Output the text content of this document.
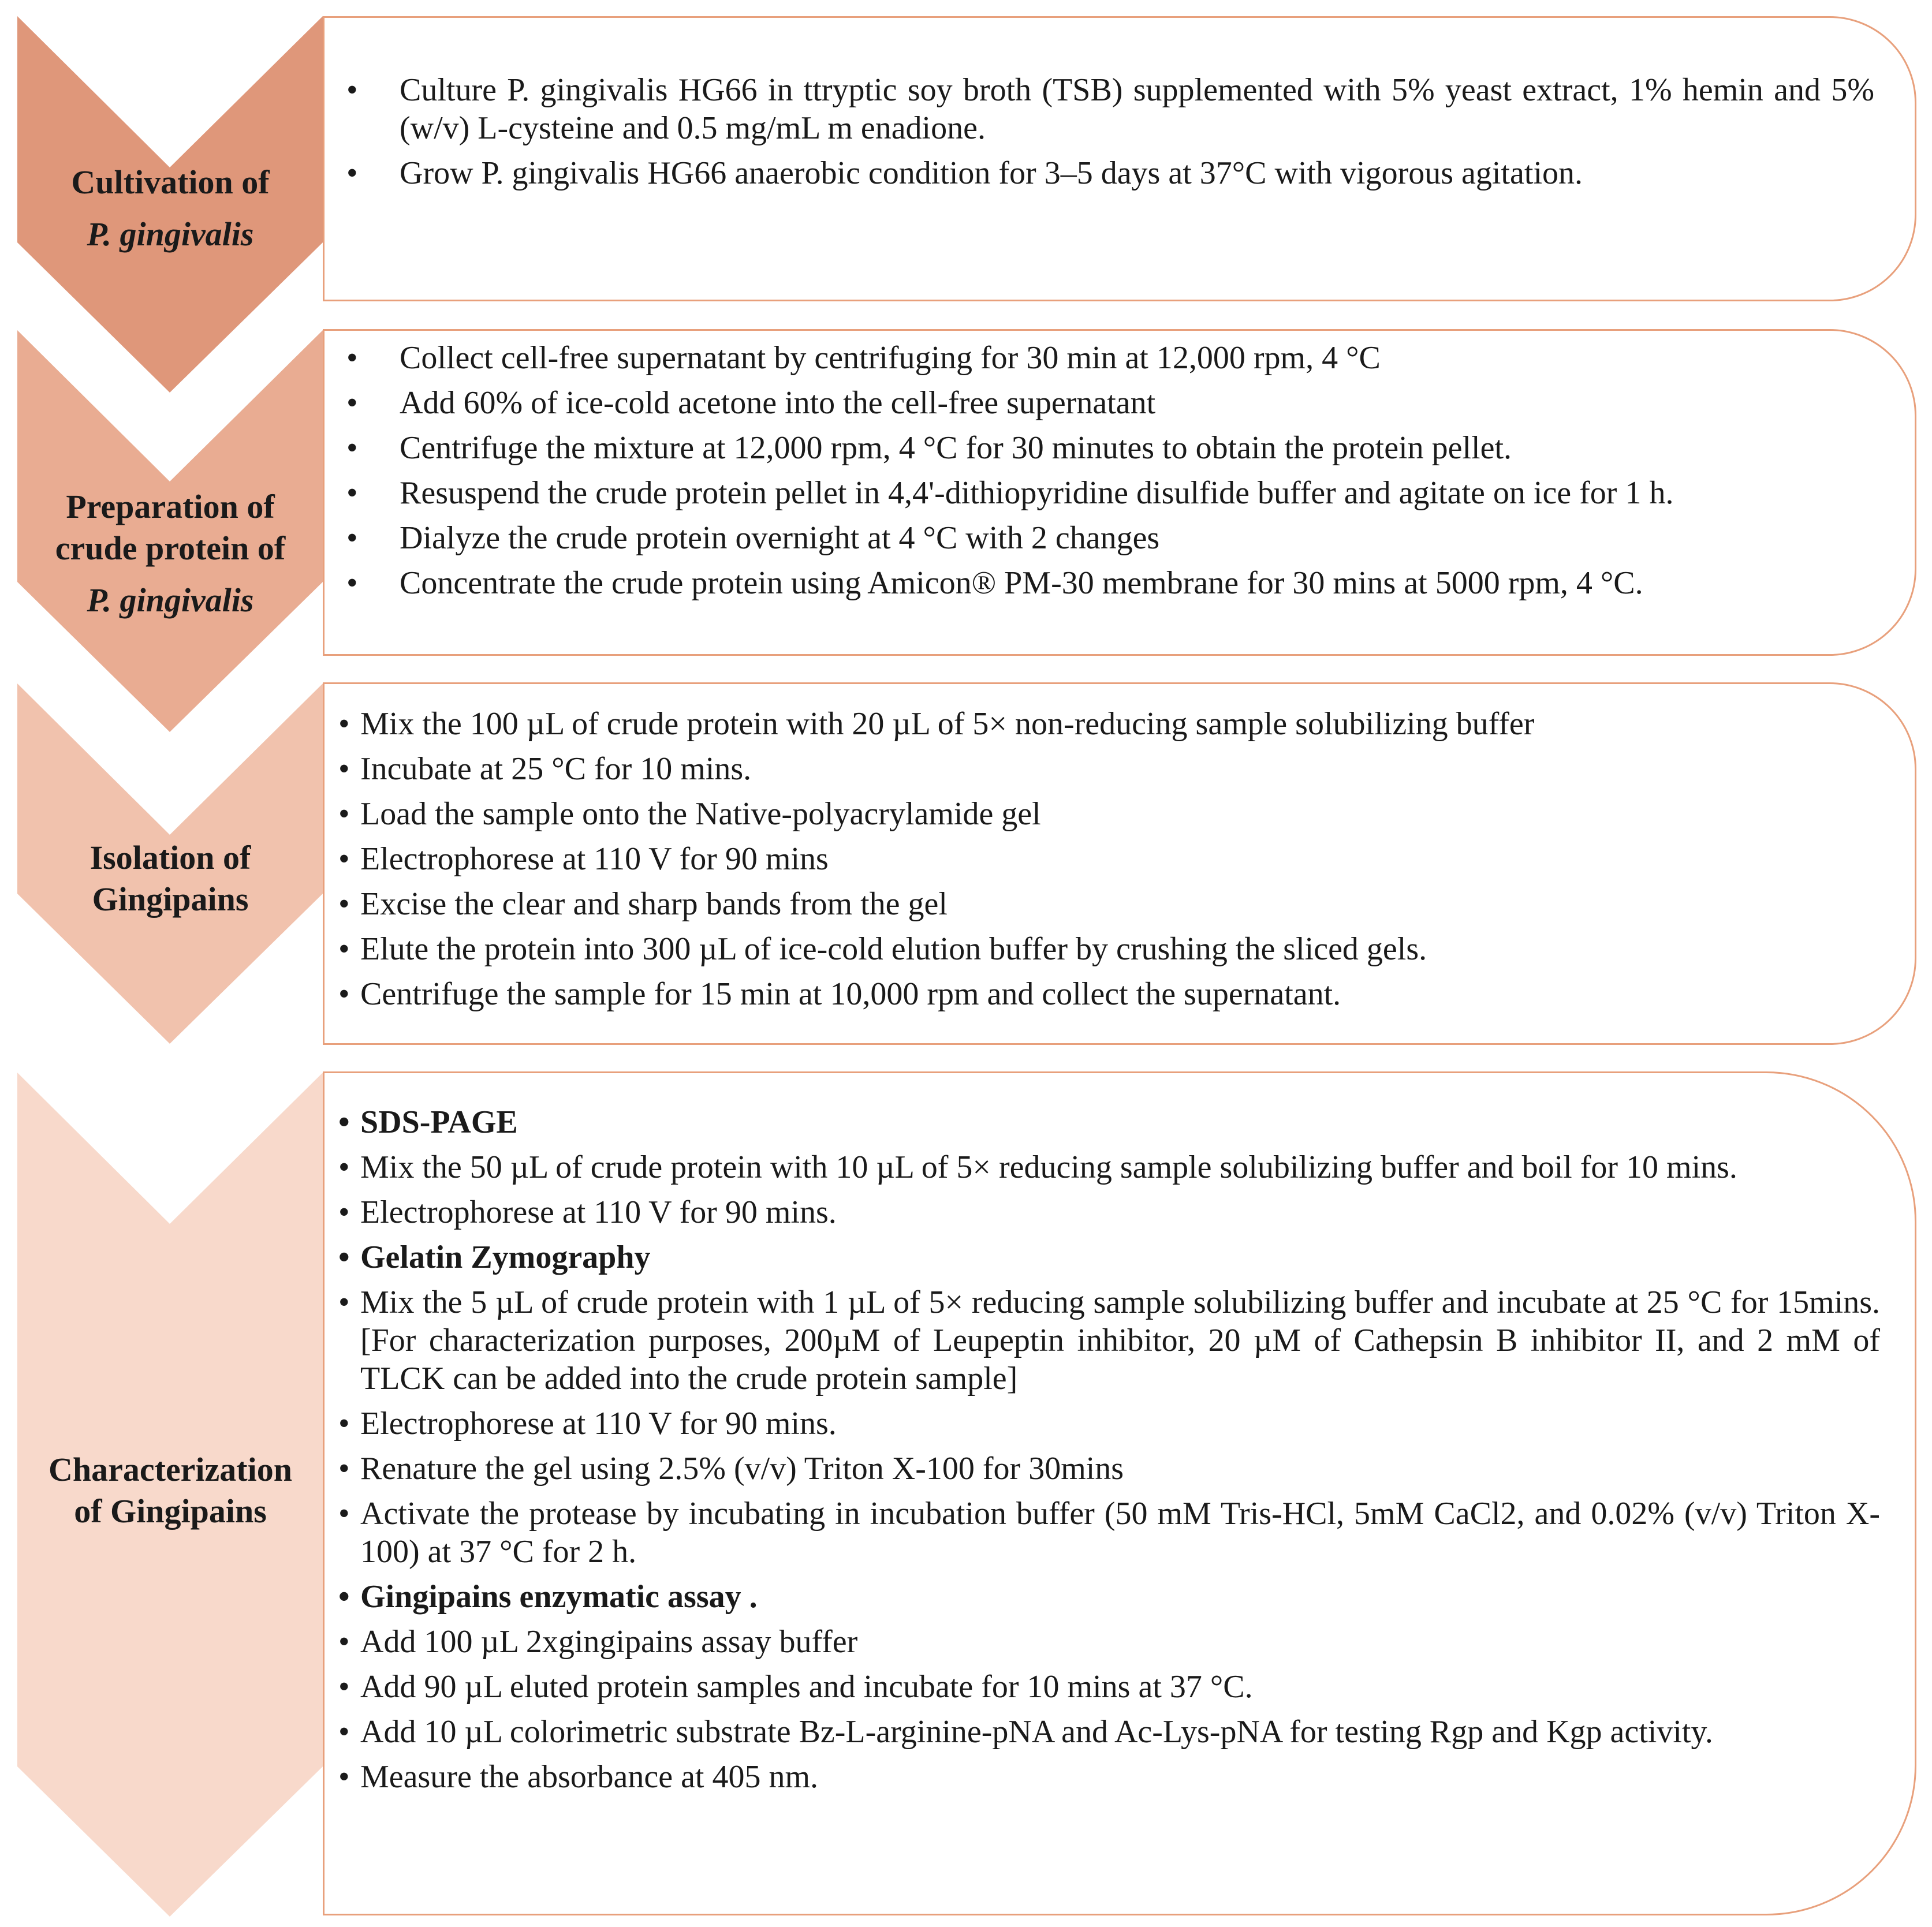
Cultivation of
P. gingivalis
Preparation of
crude protein of
P. gingivalis
Isolation of
Gingipains
Characterization
of Gingipains
• Culture P. gingivalis HG66 in ttryptic soy broth (TSB) supplemented with 5% yeast extract, 1% hemin and 5% (w/v) L-cysteine and 0.5 mg/mL m enadione.
• Grow P. gingivalis HG66 anaerobic condition for 3–5 days at 37°C with vigorous agitation.
• Collect cell-free supernatant by centrifuging for 30 min at 12,000 rpm, 4 °C
• Add 60% of ice-cold acetone into the cell-free supernatant
• Centrifuge the mixture at 12,000 rpm, 4 °C for 30 minutes to obtain the protein pellet.
• Resuspend the crude protein pellet in 4,4'-dithiopyridine disulfide buffer and agitate on ice for 1 h.
• Dialyze the crude protein overnight at 4 °C with 2 changes
• Concentrate the crude protein using Amicon® PM-30 membrane for 30 mins at 5000 rpm, 4 °C.
• Mix the 100 µL of crude protein with 20 µL of 5× non-reducing sample solubilizing buffer
• Incubate at 25 °C for 10 mins.
• Load the sample onto the Native-polyacrylamide gel
• Electrophorese at 110 V for 90 mins
• Excise the clear and sharp bands from the gel
• Elute the protein into 300 µL of ice-cold elution buffer by crushing the sliced gels.
• Centrifuge the sample for 15 min at 10,000 rpm and collect the supernatant.
• SDS-PAGE
• Mix the 50 µL of crude protein with 10 µL of 5× reducing sample solubilizing buffer and boil for 10 mins.
• Electrophorese at 110 V for 90 mins.
• Gelatin Zymography
• Mix the 5 µL of crude protein with 1 µL of 5× reducing sample solubilizing buffer and incubate at 25 °C for 15mins. [For characterization purposes, 200µM of Leupeptin inhibitor, 20 µM of Cathepsin B inhibitor II, and 2 mM of TLCK can be added into the crude protein sample]
• Electrophorese at 110 V for 90 mins.
• Renature the gel using 2.5% (v/v) Triton X-100 for 30mins
• Activate the protease by incubating in incubation buffer (50 mM Tris-HCl, 5mM CaCl2, and 0.02% (v/v) Triton X-100) at 37 °C for 2 h.
• Gingipains enzymatic assay .
• Add 100 µL 2xgingipains assay buffer
• Add 90 µL eluted protein samples and incubate for 10 mins at 37 °C.
• Add 10 µL colorimetric substrate Bz-L-arginine-pNA and Ac-Lys-pNA for testing Rgp and Kgp activity.
• Measure the absorbance at 405 nm.
